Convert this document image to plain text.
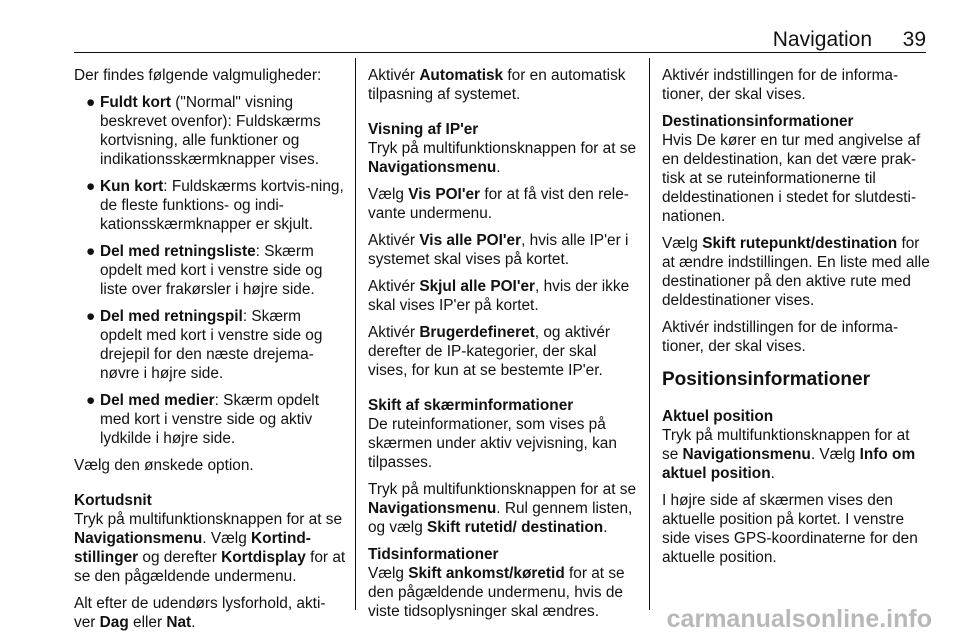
Navigation 39

Der findes følgende valgmuligheder:

● Fuldt kort ("Normal" visning beskrevet ovenfor): Fuldskærms kortvisning, alle funktioner og indikationsskærmknapper vises.
● Kun kort: Fuldskærms kortvis-ning, de fleste funktions- og indi-kationsskærmknapper er skjult.
● Del med retningsliste: Skærm opdelt med kort i venstre side og liste over frakørsler i højre side.
● Del med retningspil: Skærm opdelt med kort i venstre side og drejepil for den næste drejema-nøvre i højre side.
● Del med medier: Skærm opdelt med kort i venstre side og aktiv lydkilde i højre side.

Vælg den ønskede option.

Kortudsnit

Tryk på multifunktionsknappen for at se Navigationsmenu. Vælg Kortind-stillinger og derefter Kortdisplay for at se den pågældende undermenu.

Alt efter de udendørs lysforhold, akti-ver Dag eller Nat.

Aktivér Automatisk for en automatisk tilpasning af systemet.

Visning af IP'er

Tryk på multifunktionsknappen for at se Navigationsmenu.

Vælg Vis POI'er for at få vist den rele-vante undermenu.

Aktivér Vis alle POI'er, hvis alle IP'er i systemet skal vises på kortet.

Aktivér Skjul alle POI'er, hvis der ikke skal vises IP'er på kortet.

Aktivér Brugerdefineret, og aktivér derefter de IP-kategorier, der skal vises, for kun at se bestemte IP'er.

Skift af skærminformationer

De ruteinformationer, som vises på skærmen under aktiv vejvisning, kan tilpasses.

Tryk på multifunktionsknappen for at se Navigationsmenu. Rul gennem listen, og vælg Skift rutetid/ destination.

Tidsinformationer

Vælg Skift ankomst/køretid for at se den pågældende undermenu, hvis de viste tidsoplysninger skal ændres.

Aktivér indstillingen for de informa-tioner, der skal vises.

Destinationsinformationer

Hvis De kører en tur med angivelse af en deldestination, kan det være prak-tisk at se ruteinformationerne til deldestinationen i stedet for slutdesti-nationen.

Vælg Skift rutepunkt/destination for at ændre indstillingen. En liste med alle destinationer på den aktive rute med deldestinationer vises.

Aktivér indstillingen for de informa-tioner, der skal vises.

Positionsinformationer

Aktuel position

Tryk på multifunktionsknappen for at se Navigationsmenu. Vælg Info om aktuel position.

I højre side af skærmen vises den aktuelle position på kortet. I venstre side vises GPS-koordinaterne for den aktuelle position.

carmanualsonline.info
